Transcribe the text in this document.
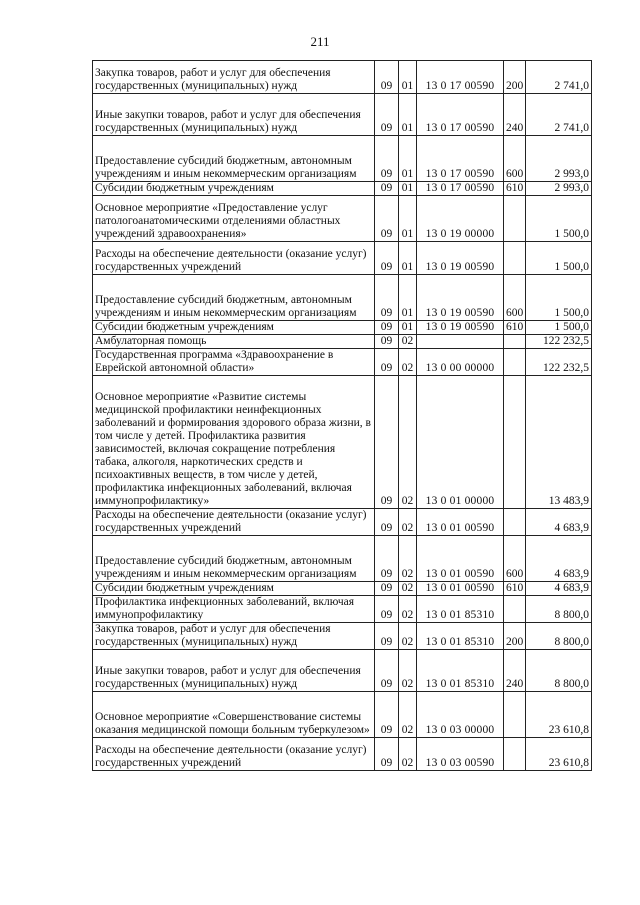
211
Закупка товаров, работ и услуг для обеспечения государственных (муниципальных) нужд	09	01	13 0 17 00590	200	2 741,0
Иные закупки товаров, работ и услуг для обеспечения государственных (муниципальных) нужд	09	01	13 0 17 00590	240	2 741,0
Предоставление субсидий бюджетным, автономным учреждениям и иным некоммерческим организациям	09	01	13 0 17 00590	600	2 993,0
Субсидии бюджетным учреждениям	09	01	13 0 17 00590	610	2 993,0
Основное мероприятие «Предоставление услуг патологоанатомическими отделениями областных учреждений здравоохранения»	09	01	13 0 19 00000		1 500,0
Расходы на обеспечение деятельности (оказание услуг) государственных учреждений	09	01	13 0 19 00590		1 500,0
Предоставление субсидий бюджетным, автономным учреждениям и иным некоммерческим организациям	09	01	13 0 19 00590	600	1 500,0
Субсидии бюджетным учреждениям	09	01	13 0 19 00590	610	1 500,0
Амбулаторная помощь	09	02			122 232,5
Государственная программа «Здравоохранение в Еврейской автономной области»	09	02	13 0 00 00000		122 232,5
Основное мероприятие «Развитие системы медицинской профилактики неинфекционных заболеваний и формирования здорового образа жизни, в том числе у детей. Профилактика развития зависимостей, включая сокращение потребления табака, алкоголя, наркотических средств и психоактивных веществ, в том числе у детей, профилактика инфекционных заболеваний, включая иммунопрофилактику»	09	02	13 0 01 00000		13 483,9
Расходы на обеспечение деятельности (оказание услуг) государственных учреждений	09	02	13 0 01 00590		4 683,9
Предоставление субсидий бюджетным, автономным учреждениям и иным некоммерческим организациям	09	02	13 0 01 00590	600	4 683,9
Субсидии бюджетным учреждениям	09	02	13 0 01 00590	610	4 683,9
Профилактика инфекционных заболеваний, включая иммунопрофилактику	09	02	13 0 01 85310		8 800,0
Закупка товаров, работ и услуг для обеспечения государственных (муниципальных) нужд	09	02	13 0 01 85310	200	8 800,0
Иные закупки товаров, работ и услуг для обеспечения государственных (муниципальных) нужд	09	02	13 0 01 85310	240	8 800,0
Основное мероприятие «Совершенствование системы оказания медицинской помощи больным туберкулезом»	09	02	13 0 03 00000		23 610,8
Расходы на обеспечение деятельности (оказание услуг) государственных учреждений	09	02	13 0 03 00590		23 610,8
